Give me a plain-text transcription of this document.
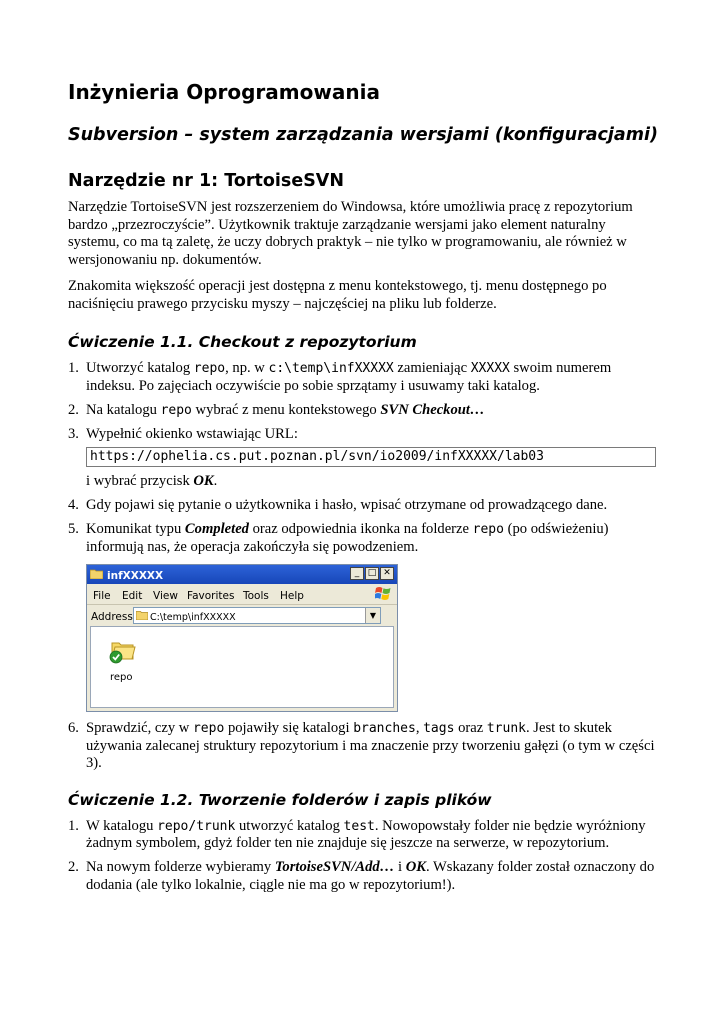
Inżynieria Oprogramowania
Subversion – system zarządzania wersjami (konfiguracjami)
Narzędzie nr 1: TortoiseSVN

Narzędzie TortoiseSVN jest rozszerzeniem do Windowsa, które umożliwia pracę z repozytorium bardzo „przezroczyście”. Użytkownik traktuje zarządzanie wersjami jako element naturalny systemu, co ma tą zaletę, że uczy dobrych praktyk – nie tylko w programowaniu, ale również w wersjonowaniu np. dokumentów.

Znakomita większość operacji jest dostępna z menu kontekstowego, tj. menu dostępnego po naciśnięciu prawego przycisku myszy – najczęściej na pliku lub folderze.

Ćwiczenie 1.1. Checkout z repozytorium
1. Utworzyć katalog repo, np. w c:\temp\infXXXXX zamieniając XXXXX swoim numerem indeksu. Po zajęciach oczywiście po sobie sprzątamy i usuwamy taki katalog.
2. Na katalogu repo wybrać z menu kontekstowego SVN Checkout…
3. Wypełnić okienko wstawiając URL:
https://ophelia.cs.put.poznan.pl/svn/io2009/infXXXXX/lab03
i wybrać przycisk OK.
4. Gdy pojawi się pytanie o użytkownika i hasło, wpisać otrzymane od prowadzącego dane.
5. Komunikat typu Completed oraz odpowiednia ikonka na folderze repo (po odświeżeniu) informują nas, że operacja zakończyła się powodzeniem.
infXXXXX	_ □ ✕
File Edit View Favorites Tools Help
Address C:\temp\infXXXXX	▼
repo
6. Sprawdzić, czy w repo pojawiły się katalogi branches, tags oraz trunk. Jest to skutek używania zalecanej struktury repozytorium i ma znaczenie przy tworzeniu gałęzi (o tym w części 3).
Ćwiczenie 1.2. Tworzenie folderów i zapis plików
1. W katalogu repo/trunk utworzyć katalog test. Nowopowstały folder nie będzie wyróżniony żadnym symbolem, gdyż folder ten nie znajduje się jeszcze na serwerze, w repozytorium.
2. Na nowym folderze wybieramy TortoiseSVN/Add… i OK. Wskazany folder został oznaczony do dodania (ale tylko lokalnie, ciągle nie ma go w repozytorium!).
